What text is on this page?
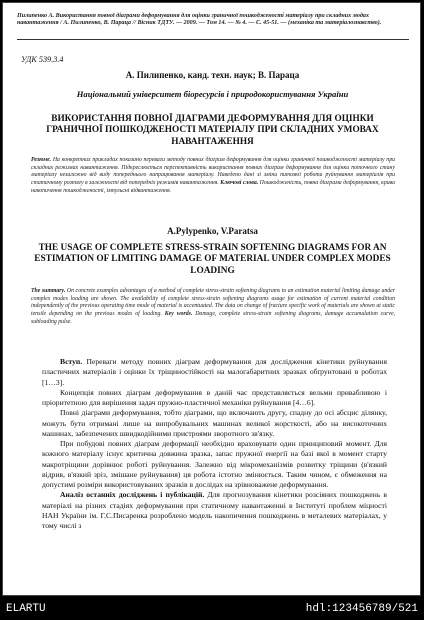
Пилипенко А. Використання повної діаграми деформування для оцінки граничної пошкодженості матеріалу при складних модах навантаження / А. Пилипенко, В. Параца // Вісник ТДТУ. — 2009. — Том 14. — № 4. — С. 45-51. — (механіка та матеріалознавство).
УДК 539.3.4
А. Пилипенко, канд. техн. наук; В. Параца
Національний університет біоресурсів і природокористування України
ВИКОРИСТАННЯ ПОВНОЇ ДІАГРАМИ ДЕФОРМУВАННЯ ДЛЯ ОЦІНКИ ГРАНИЧНОЇ ПОШКОДЖЕНОСТІ МАТЕРІАЛУ ПРИ СКЛАДНИХ УМОВАХ НАВАНТАЖЕННЯ
Резюме. На конкретних прикладах показано переваги методу повних діаграм деформування для оцінки граничної пошкодженості матеріалу при складних режимах навантаження. Підкреслюється перспективність використання повних діаграм деформування для оцінки поточного стану матеріалу незалежно від виду попереднього напрацювання матеріалу. Наведено дані зі зміни питомої роботи руйнування матеріалів при статичному розтягу в залежності від попередніх режимів навантаження. Ключові слова. Пошкодженість, повна діаграма деформування, крива накопичення пошкодженості, імпульсні відвантаження.
A.Pylypenko, V.Paratsa
THE USAGE OF COMPLETE STRESS-STRAIN SOFTENING DIAGRAMS FOR AN ESTIMATION OF LIMITING DAMAGE OF MATERIAL UNDER COMPLEX MODES LOADING
The summary. On concrete examples advantages of a method of complete stress-strain softening diagrams to an estimation material limiting damage under complex modes loading are shown. The availability of complete stress-strain softening diagrams usage for estimation of current material condition independently of the previous operating time mode of material is accentuated. The data on change of fracture specific work of materials are shown at static tensile depending on the previous modes of loading. Key words. Damage, complete stress-strain softening diagrams, damage accumulation curve, subloading pulse.

Вступ. Переваги методу повних діаграм деформування для дослідження кінетики руйнування пластичних матеріалів і оцінки їх тріщиностійкості на малогабаритних зразках обґрунтовані в роботах [1…3].

Концепція повних діаграм деформування в даній час представляється вельми привабливою і пріоритетною для вирішення задач пружно-пластичної механіки руйнування [4…6].

Повні діаграми деформування, тобто діаграми, що включають другу, спадну до осі абсцис ділянку, можуть бути отримані лише на випробувальних машинах великої жорсткості, або на високоточних машинах, забезпечених швидкодійними пристроями зворотного зв'язку.

При побудові повних діаграм деформації необхідно враховувати один принциповий момент. Для кожного матеріалу існує критична довжина зразка, запас пружної енергії на базі якої в момент старту макротріщини дорівнює роботі руйнування. Залежно від мікромеханізмів розвитку тріщини (в'язкий відрив, в'язкий зріз, змішане руйнування) ця робота істотно змінюється. Таким чином, є обмеження на допустимі розміри використовуваних зразків в дослідах на зрівноважене деформування.

Аналіз останніх досліджень і публікацій. Для прогнозування кінетики розсіяних пошкоджень в матеріалі на різних стадіях деформування при статичному навантаженні в Інституті проблем міцності НАН України ім. Г.С.Писаренка розроблено модель накопичення пошкоджень в металевих матеріалах, у тому числі з

ELARTU	hdl:123456789/521
